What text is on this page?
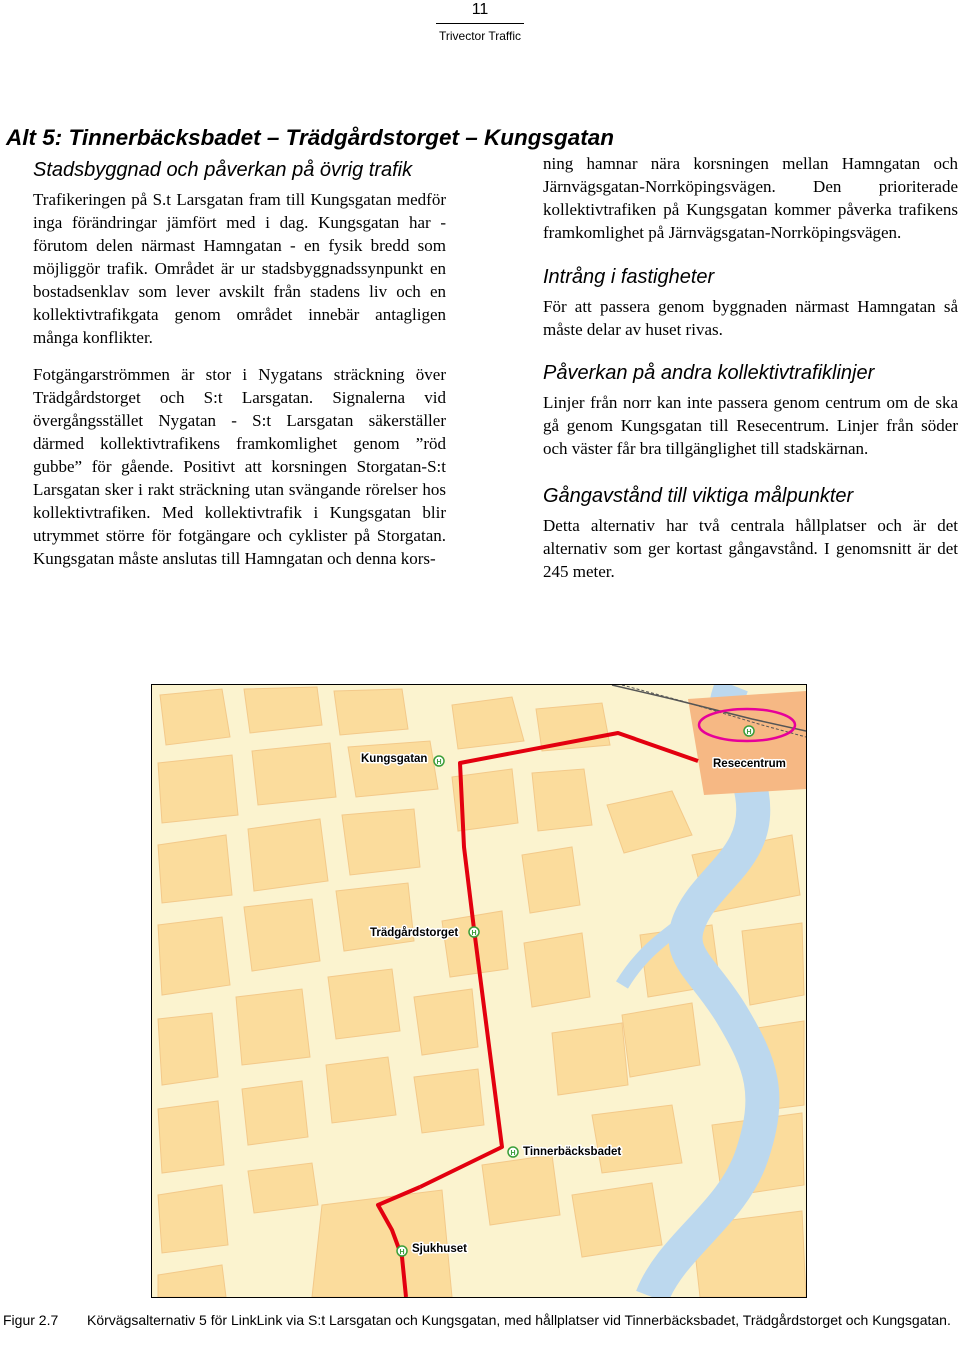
11
Trivector Traffic
Alt 5: Tinnerbäcksbadet – Trädgårdstorget – Kungsgatan
Stadsbyggnad och påverkan på övrig trafik

Trafikeringen på S.t Larsgatan fram till Kungsgatan medför inga förändringar jämfört med i dag. Kungsgatan har - förutom delen närmast Hamngatan - en fysik bredd som möjliggör trafik. Området är ur stadsbyggnadssynpunkt en bostadsenklav som lever avskilt från stadens liv och en kollektivtrafikgata genom området innebär antagligen många konflikter.

Fotgängarströmmen är stor i Nygatans sträckning över Trädgårdstorget och S:t Larsgatan. Signalerna vid övergångsstället Nygatan - S:t Larsgatan säkerställer därmed kollektivtrafikens framkomlighet genom ”röd gubbe” för gående. Positivt att korsningen Storgatan-S:t Larsgatan sker i rakt sträckning utan svängande rörelser hos kollektivtrafiken. Med kollektivtrafik i Kungsgatan blir utrymmet större för fotgängare och cyklister på Storgatan. Kungsgatan måste anslutas till Hamngatan och denna kors-

ning hamnar nära korsningen mellan Hamngatan och Järnvägsgatan-Norrköpingsvägen. Den prioriterade kollektivtrafiken på Kungsgatan kommer påverka trafikens framkomlighet på Järnvägsgatan-Norrköpingsvägen.

Intrång i fastigheter

För att passera genom byggnaden närmast Hamngatan så måste delar av huset rivas.

Påverkan på andra kollektivtrafiklinjer

Linjer från norr kan inte passera genom centrum om de ska gå genom Kungsgatan till Resecentrum. Linjer från söder och väster får bra tillgänglighet till stadskärnan.

Gångavstånd till viktiga målpunkter

Detta alternativ har två centrala hållplatser och är det alternativ som ger kortast gångavstånd. I genomsnitt är det 245 meter.

H
H
H
H
H
Kungsgatan	Resecentrum
Trädgårdstorget
Tinnerbäcksbadet
Sjukhuset
Figur 2.7 Körvägsalternativ 5 för LinkLink via S:t Larsgatan och Kungsgatan, med hållplatser vid Tinnerbäcksbadet, Trädgårdstorget och Kungsgatan.
